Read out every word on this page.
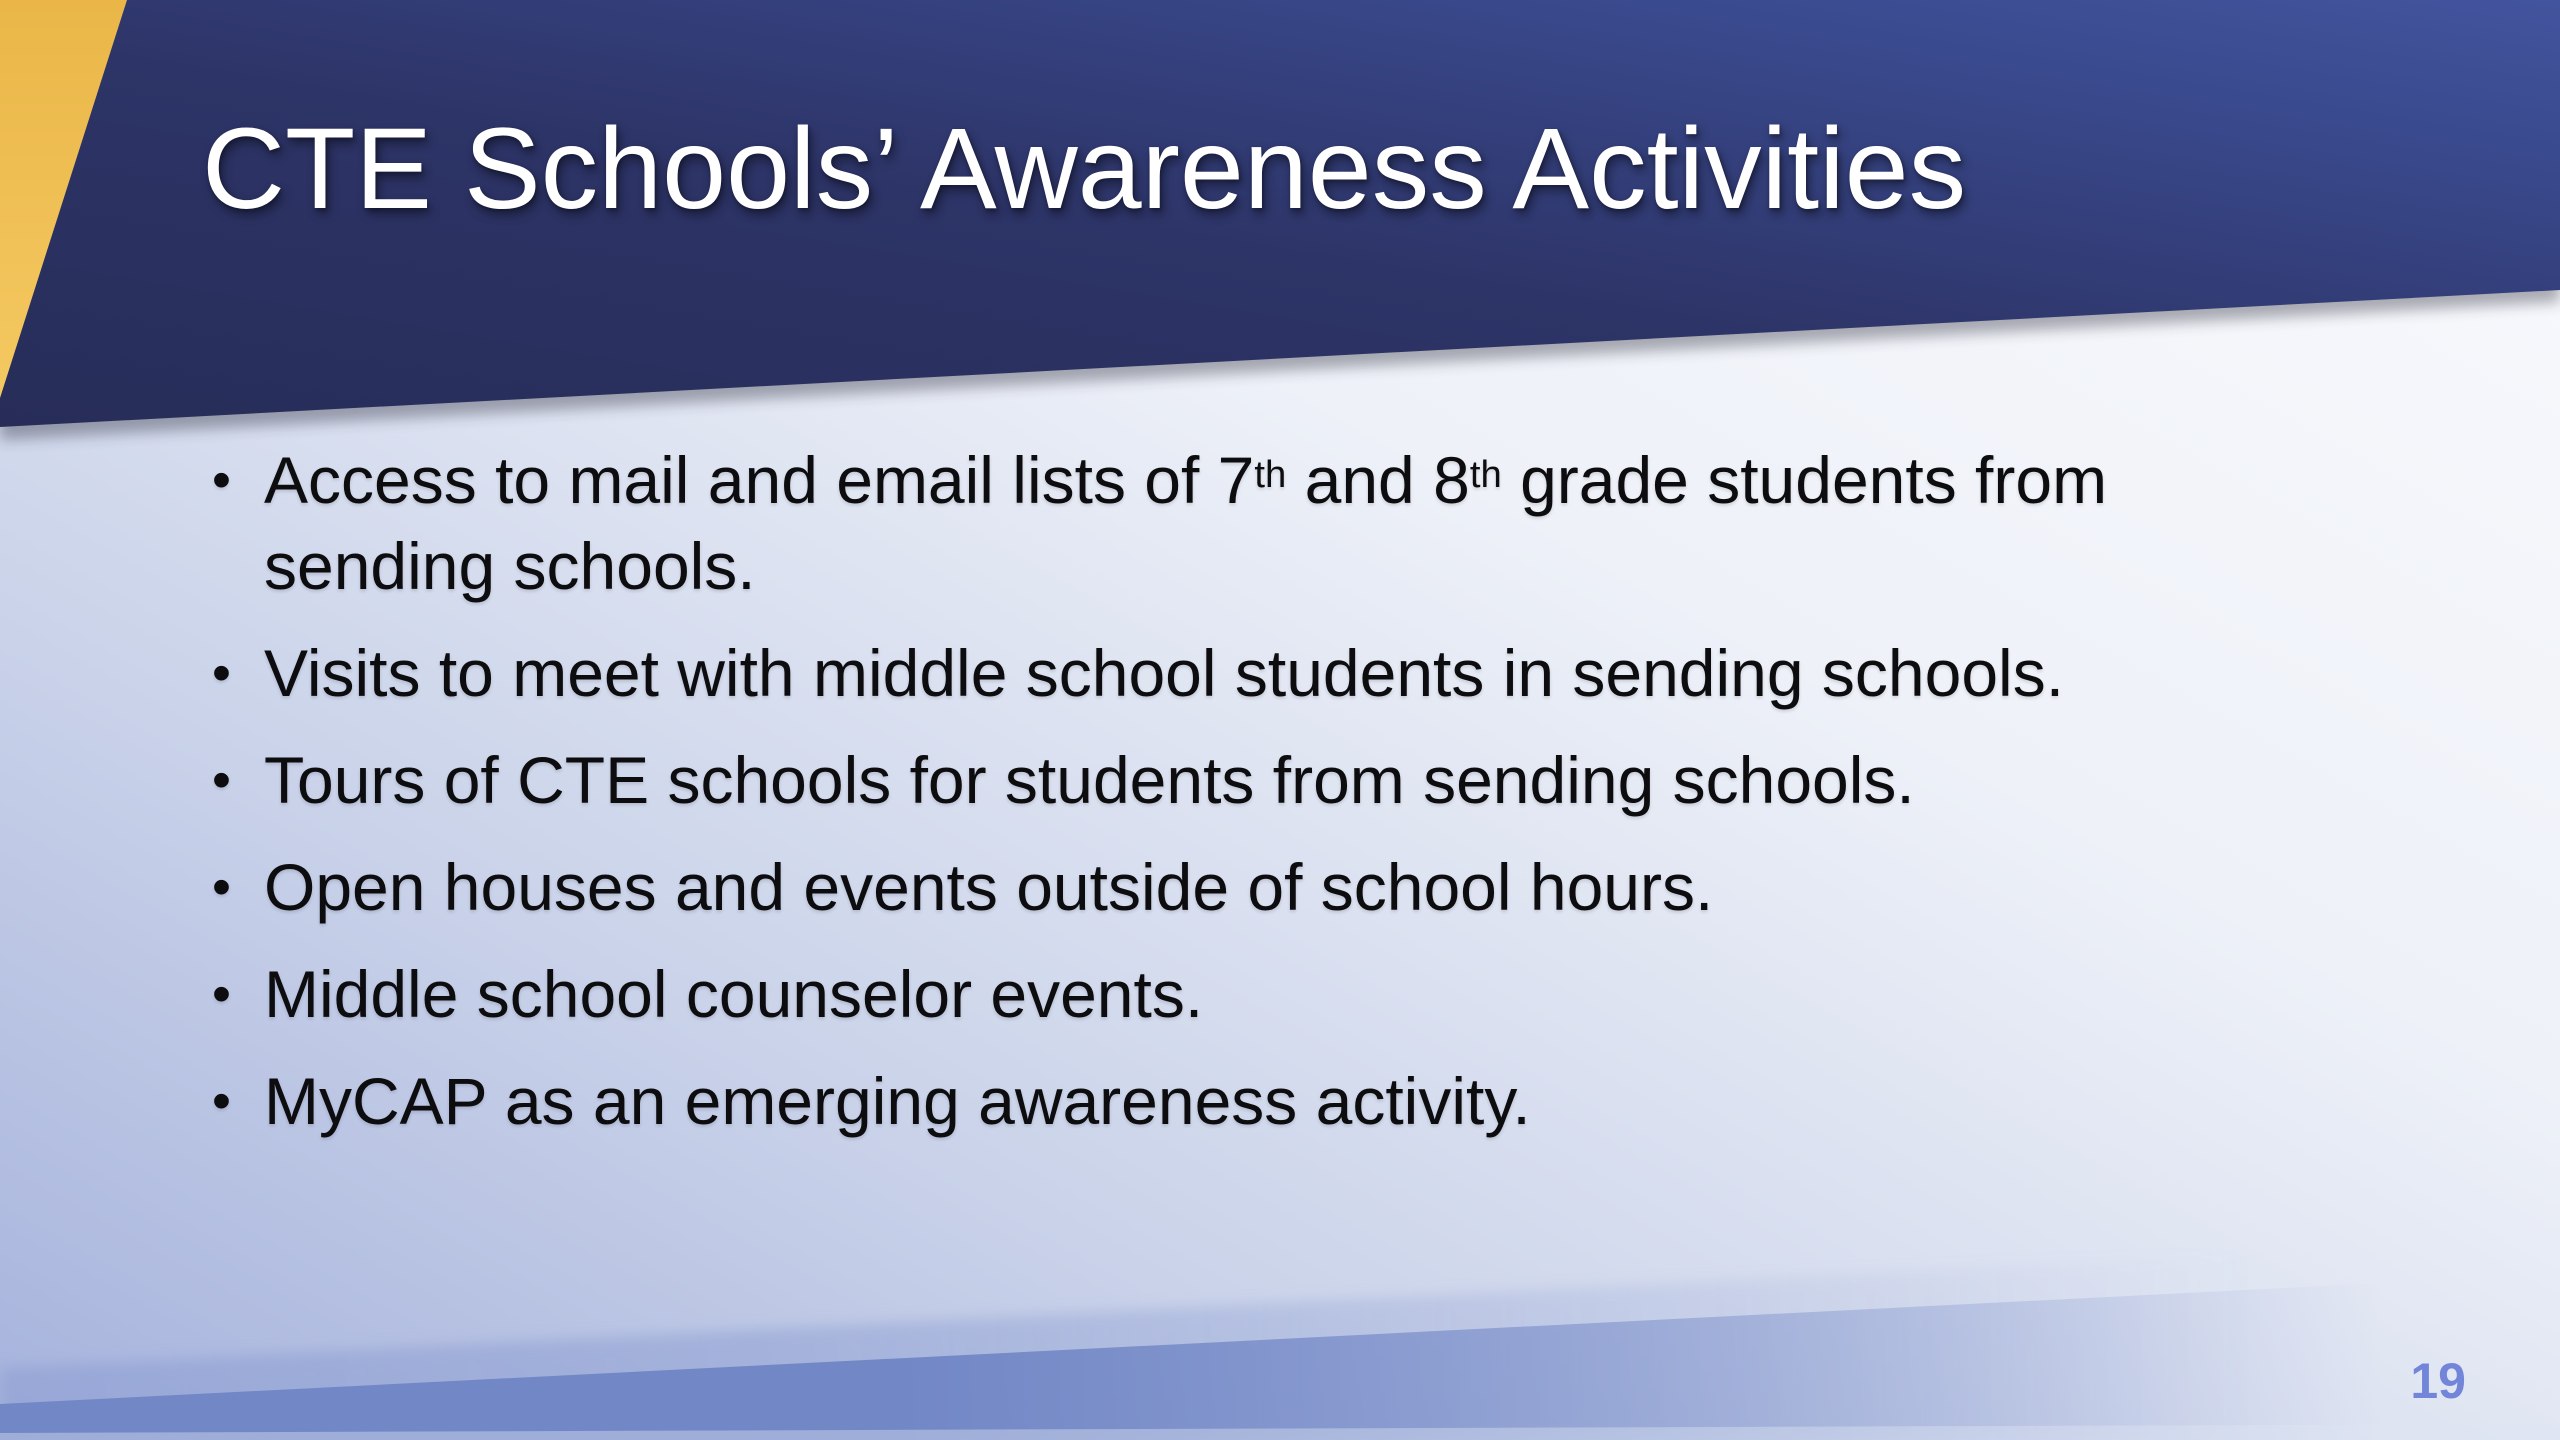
CTE Schools’ Awareness Activities
• Access to mail and email lists of 7th and 8th grade students from sending schools.
• Visits to meet with middle school students in sending schools.
• Tours of CTE schools for students from sending schools.
• Open houses and events outside of school hours.
• Middle school counselor events.
• MyCAP as an emerging awareness activity.
19
